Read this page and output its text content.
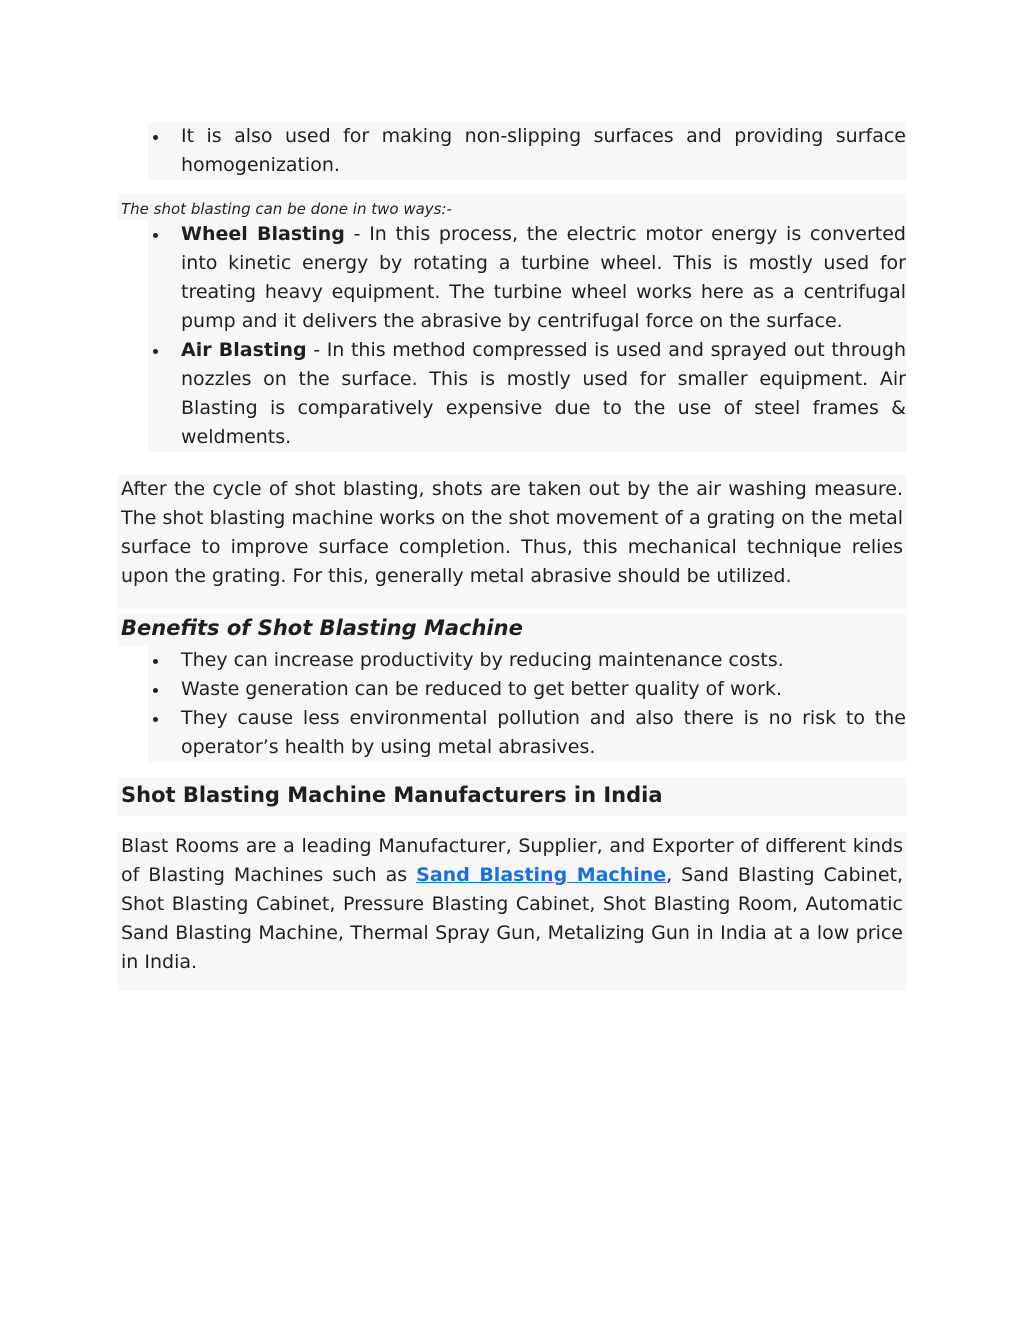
It is also used for making non-slipping surfaces and providing surface homogenization.
The shot blasting can be done in two ways:-
Wheel Blasting - In this process, the electric motor energy is converted into kinetic energy by rotating a turbine wheel. This is mostly used for treating heavy equipment. The turbine wheel works here as a centrifugal pump and it delivers the abrasive by centrifugal force on the surface.
Air Blasting - In this method compressed is used and sprayed out through nozzles on the surface. This is mostly used for smaller equipment. Air Blasting is comparatively expensive due to the use of steel frames & weldments.

After the cycle of shot blasting, shots are taken out by the air washing measure. The shot blasting machine works on the shot movement of a grating on the metal surface to improve surface completion. Thus, this mechanical technique relies upon the grating. For this, generally metal abrasive should be utilized.

Benefits of Shot Blasting Machine
They can increase productivity by reducing maintenance costs.
Waste generation can be reduced to get better quality of work.
They cause less environmental pollution and also there is no risk to the operator’s health by using metal abrasives.
Shot Blasting Machine Manufacturers in India

Blast Rooms are a leading Manufacturer, Supplier, and Exporter of different kinds of Blasting Machines such as Sand Blasting Machine, Sand Blasting Cabinet, Shot Blasting Cabinet, Pressure Blasting Cabinet, Shot Blasting Room, Automatic Sand Blasting Machine, Thermal Spray Gun, Metalizing Gun in India at a low price in India.
